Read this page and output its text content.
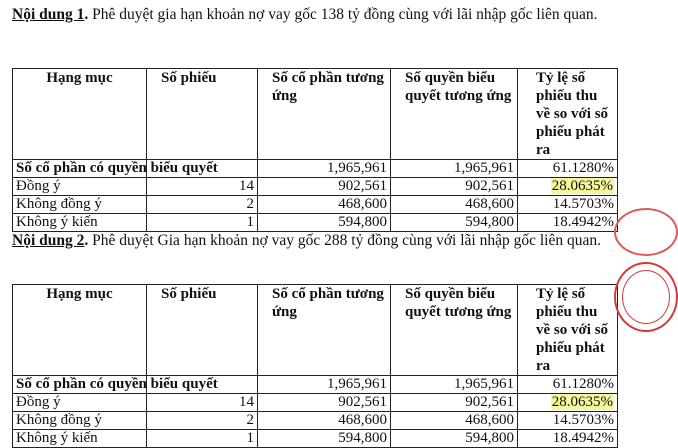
Nội dung 1. Phê duyệt gia hạn khoản nợ vay gốc 138 tỷ đồng cùng với lãi nhập gốc liên quan.
Hạng mục	Số phiếu	Số cổ phần tương ứng	Số quyền biểu quyết tương ứng	Tỷ lệ số phiếu thu về so với số phiếu phát ra
Số cổ phần có quyền biểu quyết		1,965,961	1,965,961	61.1280%
Đồng ý	14	902,561	902,561	28.0635%
Không đồng ý	2	468,600	468,600	14.5703%
Không ý kiến	1	594,800	594,800	18.4942%
Nội dung 2. Phê duyệt Gia hạn khoản nợ vay gốc 288 tỷ đồng cùng với lãi nhập gốc liên quan.
Hạng mục	Số phiếu	Số cổ phần tương ứng	Số quyền biểu quyết tương ứng	Tỷ lệ số phiếu thu về so với số phiếu phát ra
Số cổ phần có quyền biểu quyết		1,965,961	1,965,961	61.1280%
Đồng ý	14	902,561	902,561	28.0635%
Không đồng ý	2	468,600	468,600	14.5703%
Không ý kiến	1	594,800	594,800	18.4942%
